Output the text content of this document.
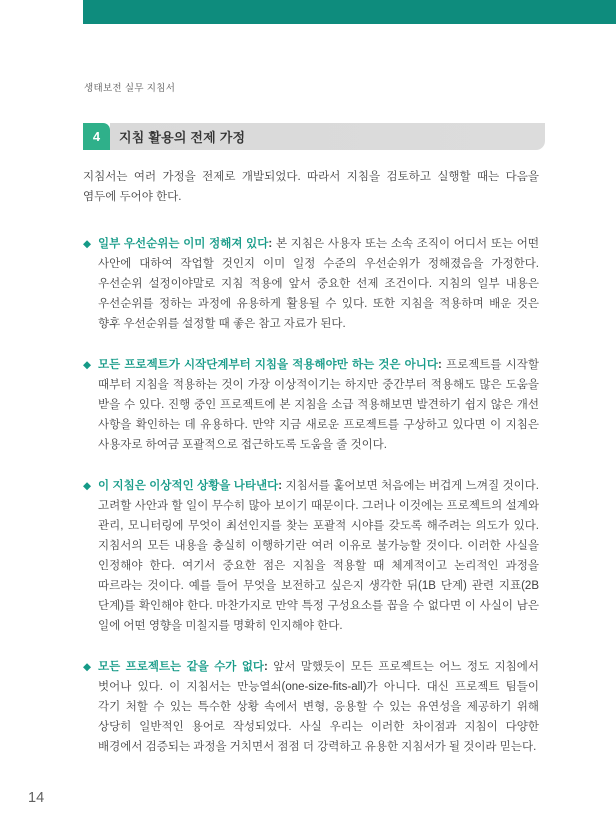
생태보전 실무 지침서
4	지침 활용의 전제 가정

지침서는 여러 가정을 전제로 개발되었다. 따라서 지침을 검토하고 실행할 때는 다음을 염두에 두어야 한다.

◆ 일부 우선순위는 이미 정해져 있다: 본 지침은 사용자 또는 소속 조직이 어디서 또는 어떤 사안에 대하여 작업할 것인지 이미 일정 수준의 우선순위가 정해졌음을 가정한다. 우선순위 설정이야말로 지침 적용에 앞서 중요한 선제 조건이다. 지침의 일부 내용은 우선순위를 정하는 과정에 유용하게 활용될 수 있다. 또한 지침을 적용하며 배운 것은 향후 우선순위를 설정할 때 좋은 참고 자료가 된다.
◆ 모든 프로젝트가 시작단계부터 지침을 적용해야만 하는 것은 아니다: 프로젝트를 시작할 때부터 지침을 적용하는 것이 가장 이상적이기는 하지만 중간부터 적용해도 많은 도움을 받을 수 있다. 진행 중인 프로젝트에 본 지침을 소급 적용해보면 발견하기 쉽지 않은 개선 사항을 확인하는 데 유용하다. 만약 지금 새로운 프로젝트를 구상하고 있다면 이 지침은 사용자로 하여금 포괄적으로 접근하도록 도움을 줄 것이다.
◆ 이 지침은 이상적인 상황을 나타낸다: 지침서를 훑어보면 처음에는 버겁게 느껴질 것이다. 고려할 사안과 할 일이 무수히 많아 보이기 때문이다. 그러나 이것에는 프로젝트의 설계와 관리, 모니터링에 무엇이 최선인지를 찾는 포괄적 시야를 갖도록 해주려는 의도가 있다. 지침서의 모든 내용을 충실히 이행하기란 여러 이유로 불가능할 것이다. 이러한 사실을 인정해야 한다. 여기서 중요한 점은 지침을 적용할 때 체계적이고 논리적인 과정을 따르라는 것이다. 예를 들어 무엇을 보전하고 싶은지 생각한 뒤(1B 단계) 관련 지표(2B 단계)를 확인해야 한다. 마찬가지로 만약 특정 구성요소를 꼽을 수 없다면 이 사실이 남은 일에 어떤 영향을 미칠지를 명확히 인지해야 한다.
◆ 모든 프로젝트는 같을 수가 없다: 앞서 말했듯이 모든 프로젝트는 어느 정도 지침에서 벗어나 있다. 이 지침서는 만능열쇠(one-size-fits-all)가 아니다. 대신 프로젝트 팀들이 각기 처할 수 있는 특수한 상황 속에서 변형, 응용할 수 있는 유연성을 제공하기 위해 상당히 일반적인 용어로 작성되었다. 사실 우리는 이러한 차이점과 지침이 다양한 배경에서 검증되는 과정을 거치면서 점점 더 강력하고 유용한 지침서가 될 것이라 믿는다.
14
